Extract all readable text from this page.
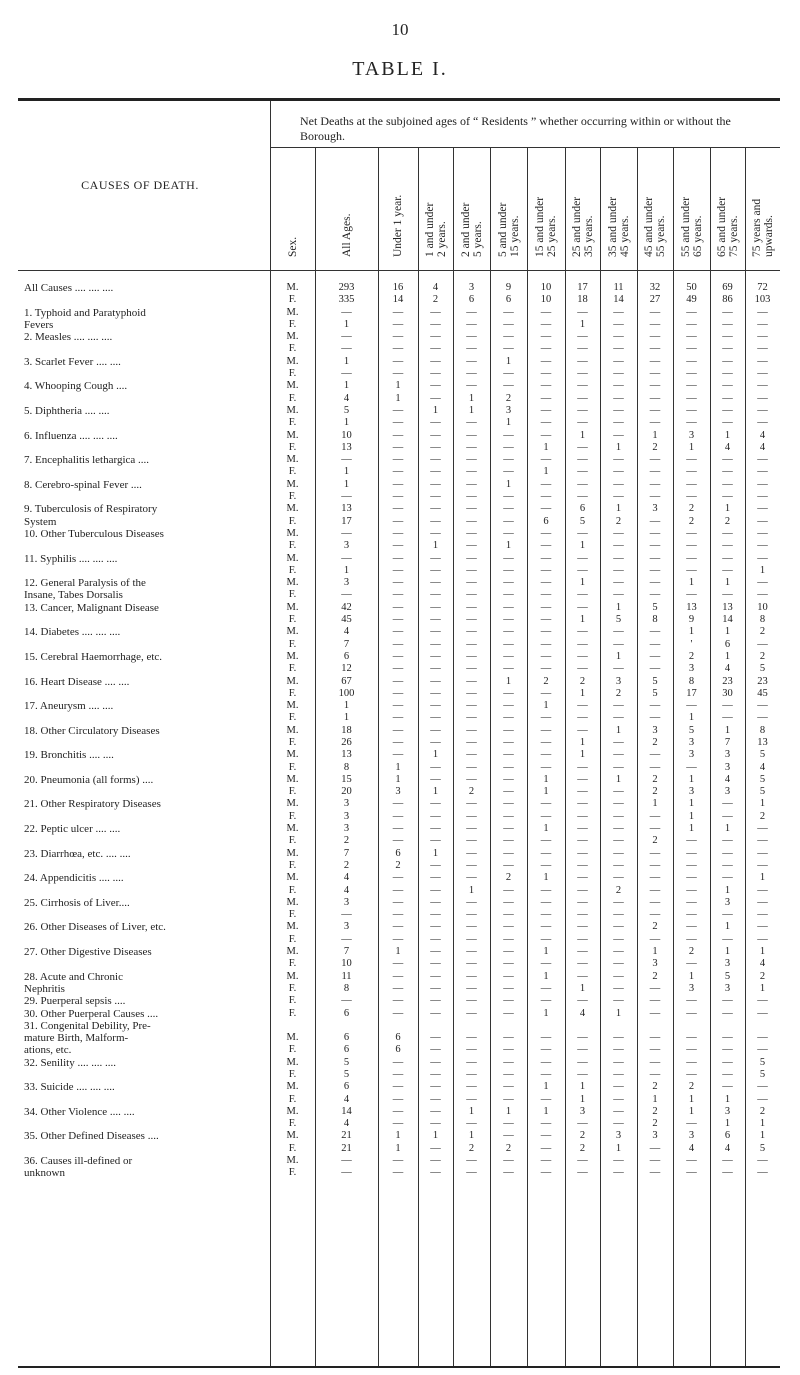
10
TABLE I.
Net Deaths at the subjoined ages of “ Residents ” whether occurring within or without the Borough.
CAUSES OF DEATH.
Sex.	All Ages.	Under 1 year. 1 and under
2 years.
2 and under
5 years.
5 and under
15 years.
15 and under
25 years.
25 and under
35 years.
35 and under
45 years.
45 and under
55 years.
55 and under
65 years.
65 and under
75 years.
75 years and
upwards.
All Causes .... .... ....	M.	293	16	4	3	9	10	17	11	32	50	69	72
F.	335	14	2	6	6	10	18	14	27	49	86	103
1. Typhoid and Paratyphoid	M.	—	—	—	—	—	—	—	—	—	—	—	—
Fevers	F.	1	—	—	—	—	—	1	—	—	—	—	—
2. Measles .... .... ....	M.	—	—	—	—	—	—	—	—	—	—	—	—
F.	—	—	—	—	—	—	—	—	—	—	—	—
3. Scarlet Fever .... ....	M.	1	—	—	—	1	—	—	—	—	—	—	—
F.	—	—	—	—	—	—	—	—	—	—	—	—
4. Whooping Cough ....	M.	1	1	—	—	—	—	—	—	—	—	—	—
F.	4	1	—	1	2	—	—	—	—	—	—	—
5. Diphtheria .... ....	M.	5	—	1	1	3	—	—	—	—	—	—	—
F.	1	—	—	—	1	—	—	—	—	—	—	—
6. Influenza .... .... ....	M.	10	—	—	—	—	—	1	—	1	3	1	4
F.	13	—	—	—	—	1	—	1	2	1	4	4
7. Encephalitis lethargica ....	M.	—	—	—	—	—	—	—	—	—	—	—	—
F.	1	—	—	—	—	1	—	—	—	—	—	—
8. Cerebro-spinal Fever ....	M.	1	—	—	—	1	—	—	—	—	—	—	—
F.	—	—	—	—	—	—	—	—	—	—	—	—
9. Tuberculosis of Respiratory	M.	13	—	—	—	—	—	6	1	3	2	1	—
System	F.	17	—	—	—	—	6	5	2	—	2	2	—
10. Other Tuberculous Diseases	M.	—	—	—	—	—	—	—	—	—	—	—	—
F.	3	—	1	—	1	—	1	—	—	—	—	—
11. Syphilis .... .... ....	M.	—	—	—	—	—	—	—	—	—	—	—	—
F.	1	—	—	—	—	—	—	—	—	—	—	1
12. General Paralysis of the	M.	3	—	—	—	—	—	1	—	—	1	1	—
Insane, Tabes Dorsalis	F.	—	—	—	—	—	—	—	—	—	—	—	—
13. Cancer, Malignant Disease	M.	42	—	—	—	—	—	—	1	5	13	13	10
F.	45	—	—	—	—	—	1	5	8	9	14	8
14. Diabetes .... .... ....	M.	4	—	—	—	—	—	—	—	—	1	1	2
F.	7	—	—	—	—	—	—	—	—	'	6	—
15. Cerebral Haemorrhage, etc.	M.	6	—	—	—	—	—	—	1	—	2	1	2
F.	12	—	—	—	—	—	—	—	—	3	4	5
16. Heart Disease .... ....	M.	67	—	—	—	1	2	2	3	5	8	23	23
F.	100	—	—	—	—	—	1	2	5	17	30	45
17. Aneurysm .... ....	M.	1	—	—	—	—	1	—	—	—	—	—	—
F.	1	—	—	—	—	—	—	—	—	1	—	—
18. Other Circulatory Diseases	M.	18	—	—	—	—	—	—	1	3	5	1	8
F.	26	—	—	—	—	—	1	—	2	3	7	13
19. Bronchitis .... ....	M.	13	—	1	—	—	—	1	—	—	3	3	5
F.	8	1	—	—	—	—	—	—	—	—	3	4
20. Pneumonia (all forms) ....	M.	15	1	—	—	—	1	—	1	2	1	4	5
F.	20	3	1	2	—	1	—	—	2	3	3	5
21. Other Respiratory Diseases	M.	3	—	—	—	—	—	—	—	1	1	—	1
F.	3	—	—	—	—	—	—	—	—	1	—	2
22. Peptic ulcer .... ....	M.	3	—	—	—	—	1	—	—	—	1	1	—
F.	2	—	—	—	—	—	—	—	2	—	—	—
23. Diarrhœa, etc. .... ....	M.	7	6	1	—	—	—	—	—	—	—	—	—
F.	2	2	—	—	—	—	—	—	—	—	—	—
24. Appendicitis .... ....	M.	4	—	—	—	2	1	—	—	—	—	—	1
F.	4	—	—	1	—	—	—	2	—	—	1	—
25. Cirrhosis of Liver....	M.	3	—	—	—	—	—	—	—	—	—	3	—
F.	—	—	—	—	—	—	—	—	—	—	—	—
26. Other Diseases of Liver, etc.	M.	3	—	—	—	—	—	—	—	2	—	1	—
F.	—	—	—	—	—	—	—	—	—	—	—	—
27. Other Digestive Diseases	M.	7	1	—	—	—	1	—	—	1	2	1	1
F.	10	—	—	—	—	—	—	—	3	—	3	4
28. Acute and Chronic	M.	11	—	—	—	—	1	—	—	2	1	5	2
Nephritis	F.	8	—	—	—	—	—	1	—	—	3	3	1
29. Puerperal sepsis ....	F.	—	—	—	—	—	—	—	—	—	—	—	—
30. Other Puerperal Causes ....	F.	6	—	—	—	—	1	4	1	—	—	—	—
31. Congenital Debility, Pre-
mature Birth, Malform-	M.	6	6	—	—	—	—	—	—	—	—	—	—
ations, etc.	F.	6	6	—	—	—	—	—	—	—	—	—	—
32. Senility .... .... ....	M.	5	—	—	—	—	—	—	—	—	—	—	5
F.	5	—	—	—	—	—	—	—	—	—	—	5
33. Suicide .... .... ....	M.	6	—	—	—	—	1	1	—	2	2	—	—
F.	4	—	—	—	—	—	1	—	1	1	1	—
34. Other Violence .... ....	M.	14	—	—	1	1	1	3	—	2	1	3	2
F.	4	—	—	—	—	—	—	—	2	—	1	1
35. Other Defined Diseases ....	M.	21	1	1	1	—	—	2	3	3	3	6	1
F.	21	1	—	2	2	—	2	1	—	4	4	5
36. Causes ill-defined or	M.	—	—	—	—	—	—	—	—	—	—	—	—
unknown	F.	—	—	—	—	—	—	—	—	—	—	—	—
